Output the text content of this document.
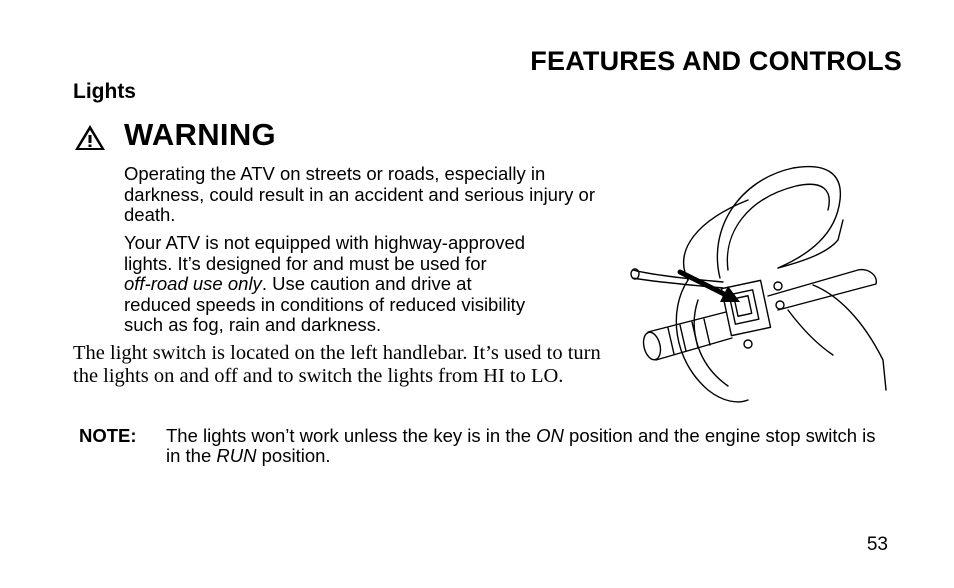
FEATURES AND CONTROLS
Lights
WARNING
Operating the ATV on streets or roads, especially in darkness, could result in an accident and serious injury or death.

Your ATV is not equipped with highway-approved

lights. It’s designed for and must be used for

off-road use only. Use caution and drive at

reduced speeds in conditions of reduced visibility

such as fog, rain and darkness.

The light switch is located on the left handlebar. It’s used to turn the lights on and off and to switch the lights from HI to LO.
NOTE: The lights won’t work unless the key is in the ON position and the engine stop switch is in the RUN position.
53
